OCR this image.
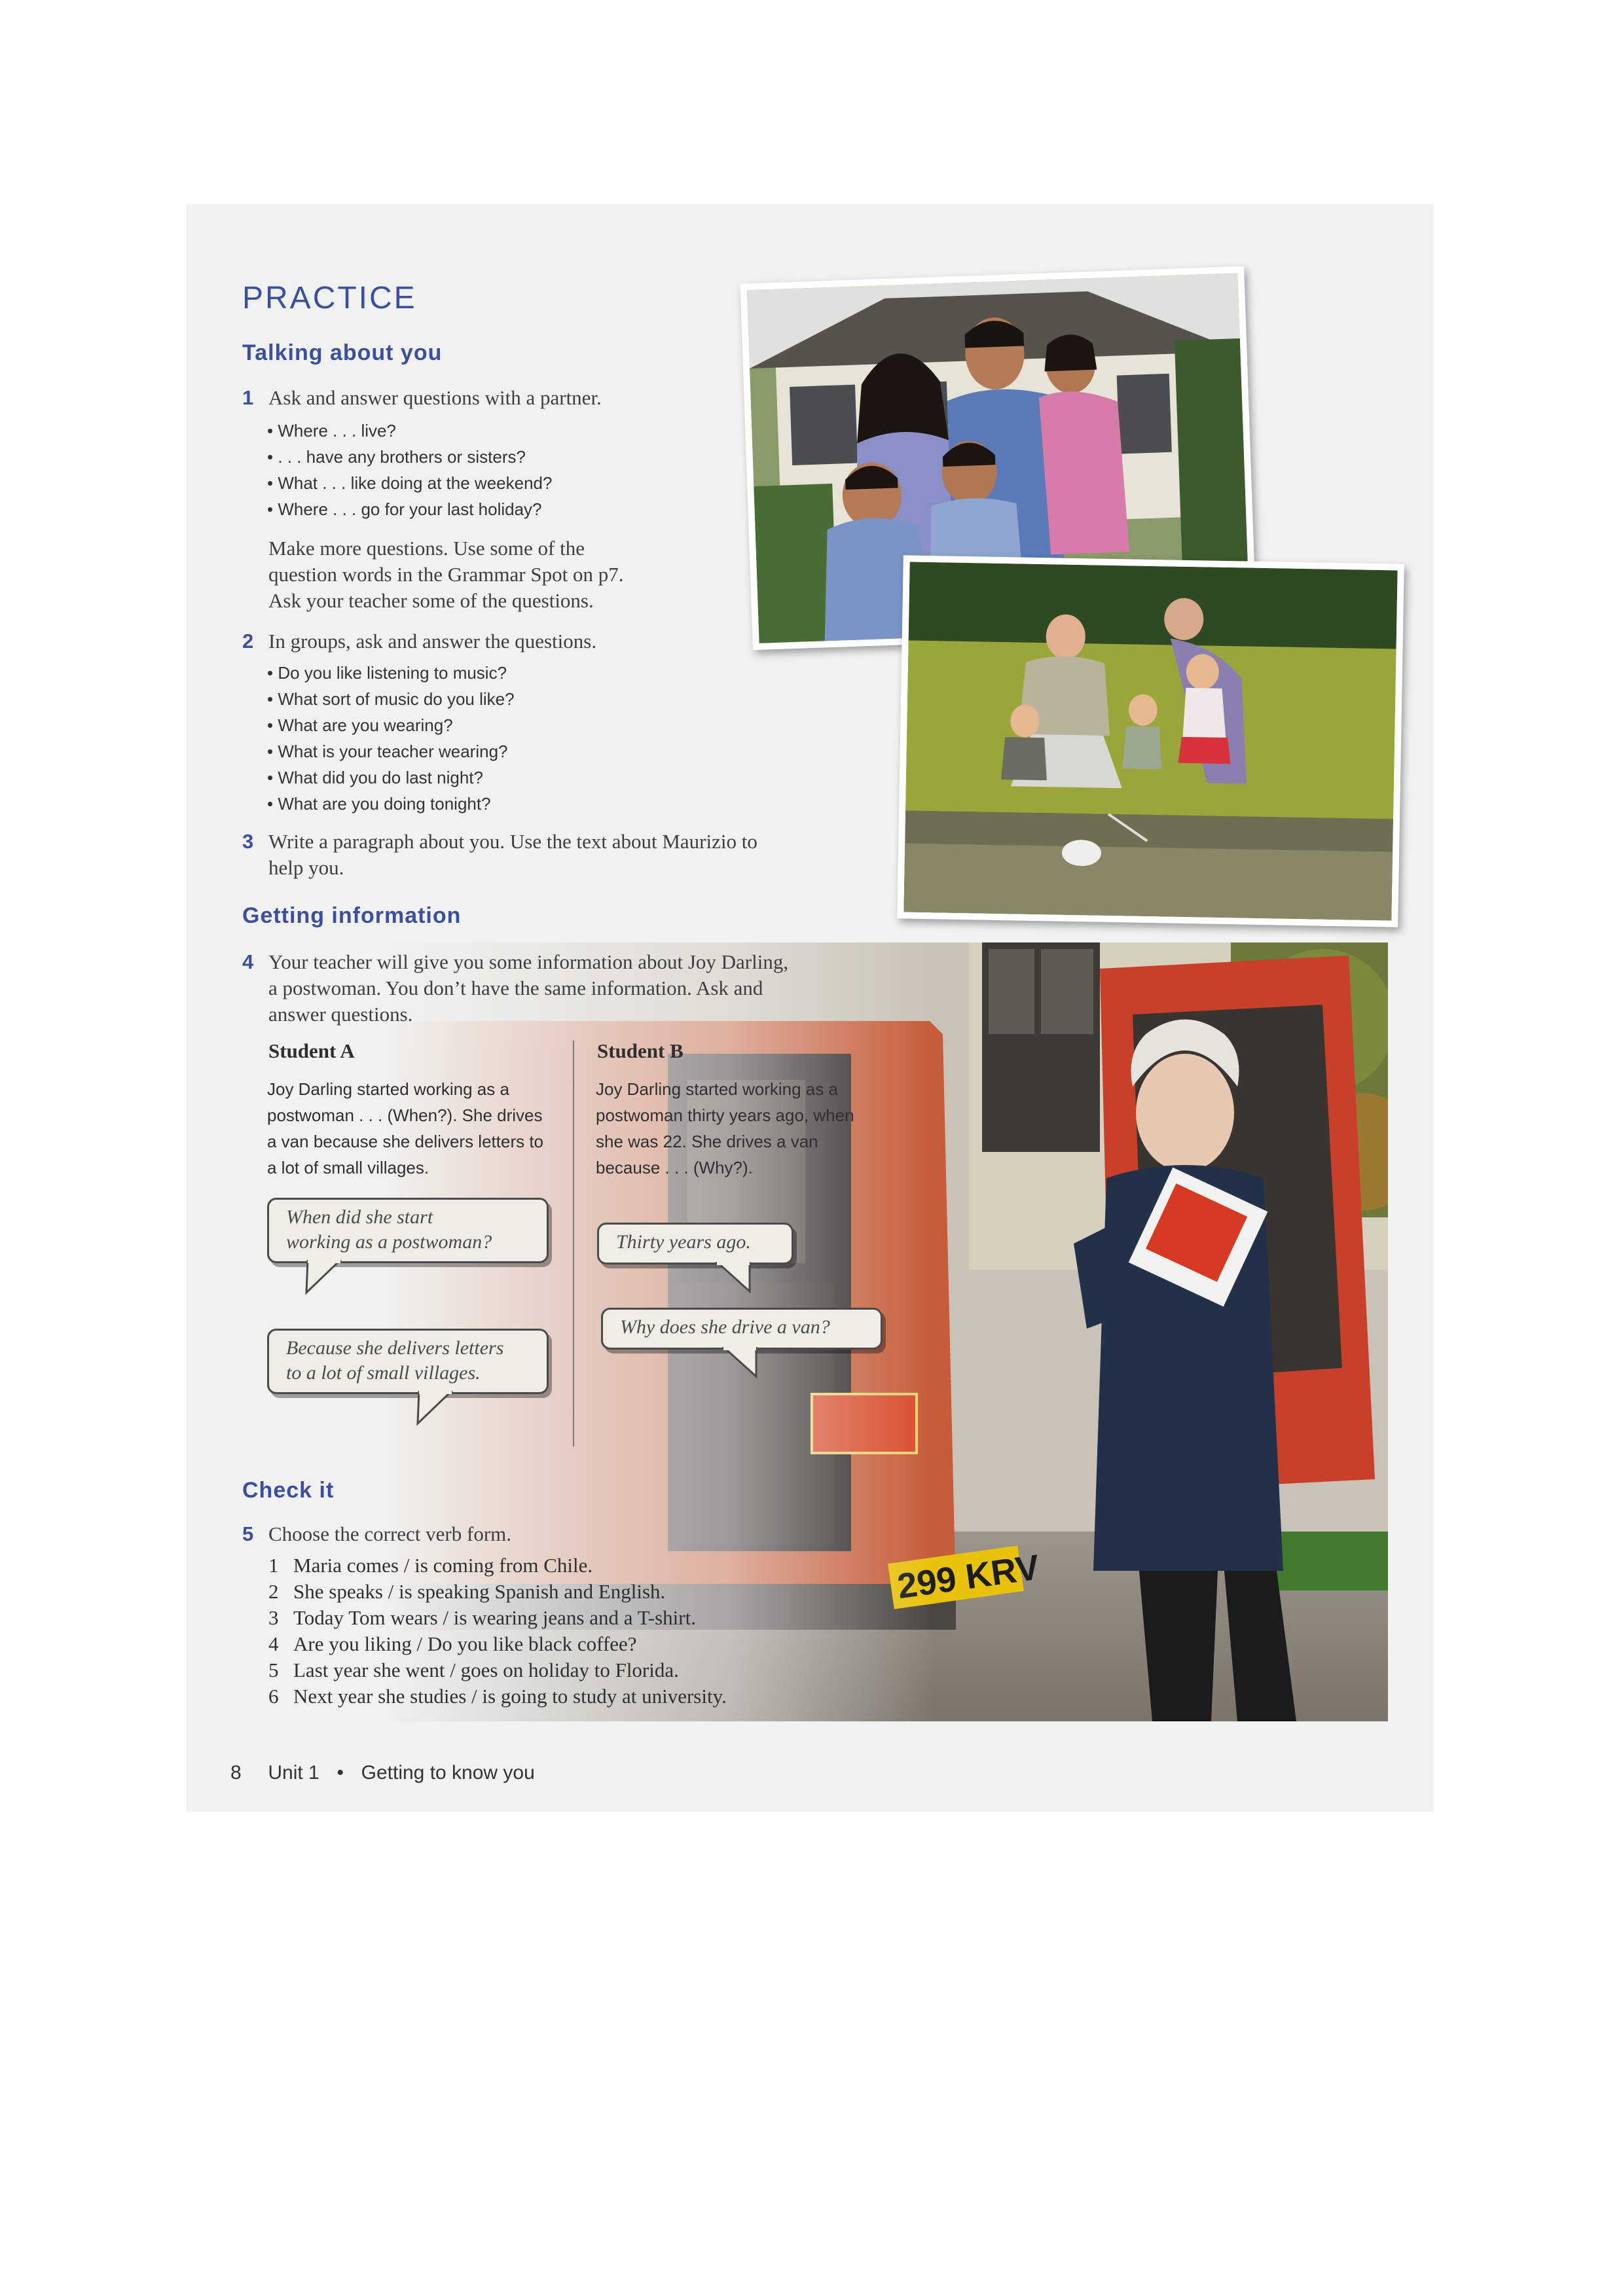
PRACTICE
Talking about you
1 Ask and answer questions with a partner.
• Where . . . live?
• . . . have any brothers or sisters?
• What . . . like doing at the weekend?
• Where . . . go for your last holiday?
Make more questions. Use some of the
question words in the Grammar Spot on p7.
Ask your teacher some of the questions.
2 In groups, ask and answer the questions.
• Do you like listening to music?
• What sort of music do you like?
• What are you wearing?
• What is your teacher wearing?
• What did you do last night?
• What are you doing tonight?
3 Write a paragraph about you. Use the text about Maurizio to
help you.
Getting information
4 Your teacher will give you some information about Joy Darling,
a postwoman. You don’t have the same information. Ask and
answer questions.
Student A
Joy Darling started working as a
postwoman . . . (When?). She drives
a van because she delivers letters to
a lot of small villages.
When did she start
working as a postwoman?
Because she delivers letters
to a lot of small villages.
Student B
Joy Darling started working as a
postwoman thirty years ago, when
she was 22. She drives a van
because . . . (Why?).
Thirty years ago.
Why does she drive a van?
Check it
5 Choose the correct verb form.
1 Maria comes / is coming from Chile.
2 She speaks / is speaking Spanish and English.
3 Today Tom wears / is wearing jeans and a T-shirt.
4 Are you liking / Do you like black coffee?
5 Last year she went / goes on holiday to Florida.
6 Next year she studies / is going to study at university.
8 Unit 1 • Getting to know you
